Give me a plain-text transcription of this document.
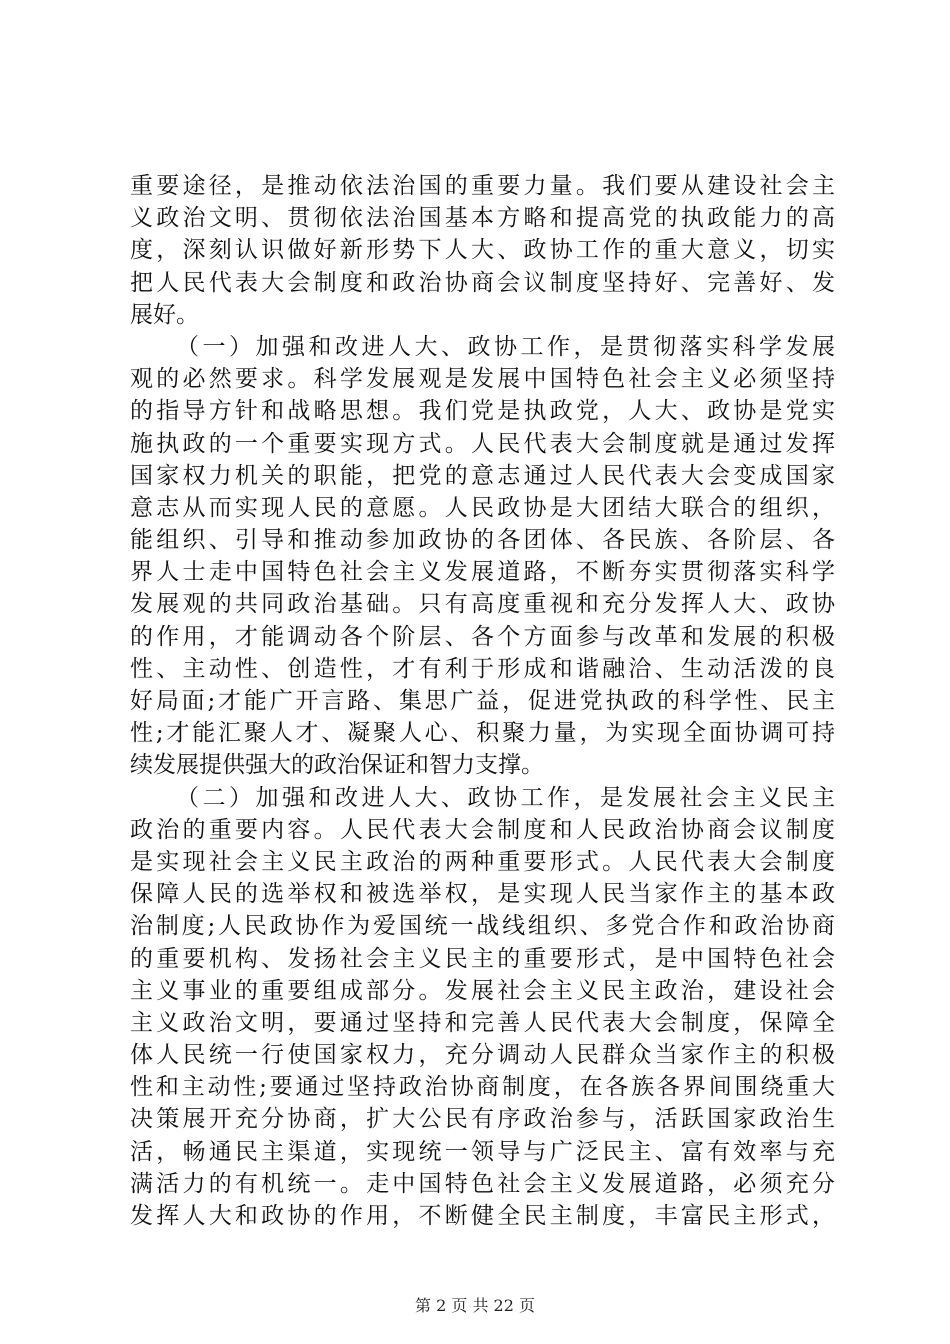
重要途径，是推动依法治国的重要力量。我们要从建设社会主
义政治文明、贯彻依法治国基本方略和提高党的执政能力的高
度，深刻认识做好新形势下人大、政协工作的重大意义，切实
把人民代表大会制度和政治协商会议制度坚持好、完善好、发
展好。
（一）加强和改进人大、政协工作，是贯彻落实科学发展
观的必然要求。科学发展观是发展中国特色社会主义必须坚持
的指导方针和战略思想。我们党是执政党，人大、政协是党实
施执政的一个重要实现方式。人民代表大会制度就是通过发挥
国家权力机关的职能，把党的意志通过人民代表大会变成国家
意志从而实现人民的意愿。人民政协是大团结大联合的组织，
能组织、引导和推动参加政协的各团体、各民族、各阶层、各
界人士走中国特色社会主义发展道路，不断夯实贯彻落实科学
发展观的共同政治基础。只有高度重视和充分发挥人大、政协
的作用，才能调动各个阶层、各个方面参与改革和发展的积极
性、主动性、创造性，才有利于形成和谐融洽、生动活泼的良
好局面;才能广开言路、集思广益，促进党执政的科学性、民主
性;才能汇聚人才、凝聚人心、积聚力量，为实现全面协调可持
续发展提供强大的政治保证和智力支撑。
（二）加强和改进人大、政协工作，是发展社会主义民主
政治的重要内容。人民代表大会制度和人民政治协商会议制度
是实现社会主义民主政治的两种重要形式。人民代表大会制度
保障人民的选举权和被选举权，是实现人民当家作主的基本政
治制度;人民政协作为爱国统一战线组织、多党合作和政治协商
的重要机构、发扬社会主义民主的重要形式，是中国特色社会
主义事业的重要组成部分。发展社会主义民主政治，建设社会
主义政治文明，要通过坚持和完善人民代表大会制度，保障全
体人民统一行使国家权力，充分调动人民群众当家作主的积极
性和主动性;要通过坚持政治协商制度，在各族各界间围绕重大
决策展开充分协商，扩大公民有序政治参与，活跃国家政治生
活，畅通民主渠道，实现统一领导与广泛民主、富有效率与充
满活力的有机统一。走中国特色社会主义发展道路，必须充分
发挥人大和政协的作用，不断健全民主制度，丰富民主形式，
第 2 页 共 22 页
